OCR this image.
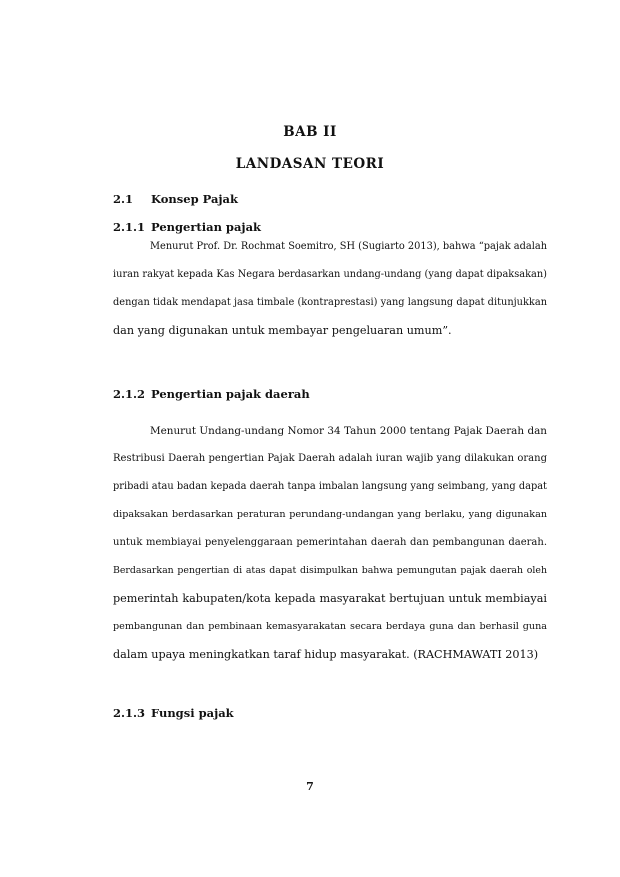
BAB II
LANDASAN TEORI
2.1 Konsep Pajak
2.1.1 Pengertian pajak
Menurut Prof. Dr. Rochmat Soemitro, SH (Sugiarto 2013), bahwa “pajak adalah
iuran rakyat kepada Kas Negara berdasarkan undang-undang (yang dapat dipaksakan)
dengan tidak mendapat jasa timbale (kontraprestasi) yang langsung dapat ditunjukkan
dan yang digunakan untuk membayar pengeluaran umum”.
2.1.2 Pengertian pajak daerah
Menurut Undang-undang Nomor 34 Tahun 2000 tentang Pajak Daerah dan
Restribusi Daerah pengertian Pajak Daerah adalah iuran wajib yang dilakukan orang
pribadi atau badan kepada daerah tanpa imbalan langsung yang seimbang, yang dapat
dipaksakan berdasarkan peraturan perundang-undangan yang berlaku, yang digunakan
untuk membiayai penyelenggaraan pemerintahan daerah dan pembangunan daerah.
Berdasarkan pengertian di atas dapat disimpulkan bahwa pemungutan pajak daerah oleh
pemerintah kabupaten/kota kepada masyarakat bertujuan untuk membiayai
pembangunan dan pembinaan kemasyarakatan secara berdaya guna dan berhasil guna
dalam upaya meningkatkan taraf hidup masyarakat. (RACHMAWATI 2013)
2.1.3 Fungsi pajak
7
